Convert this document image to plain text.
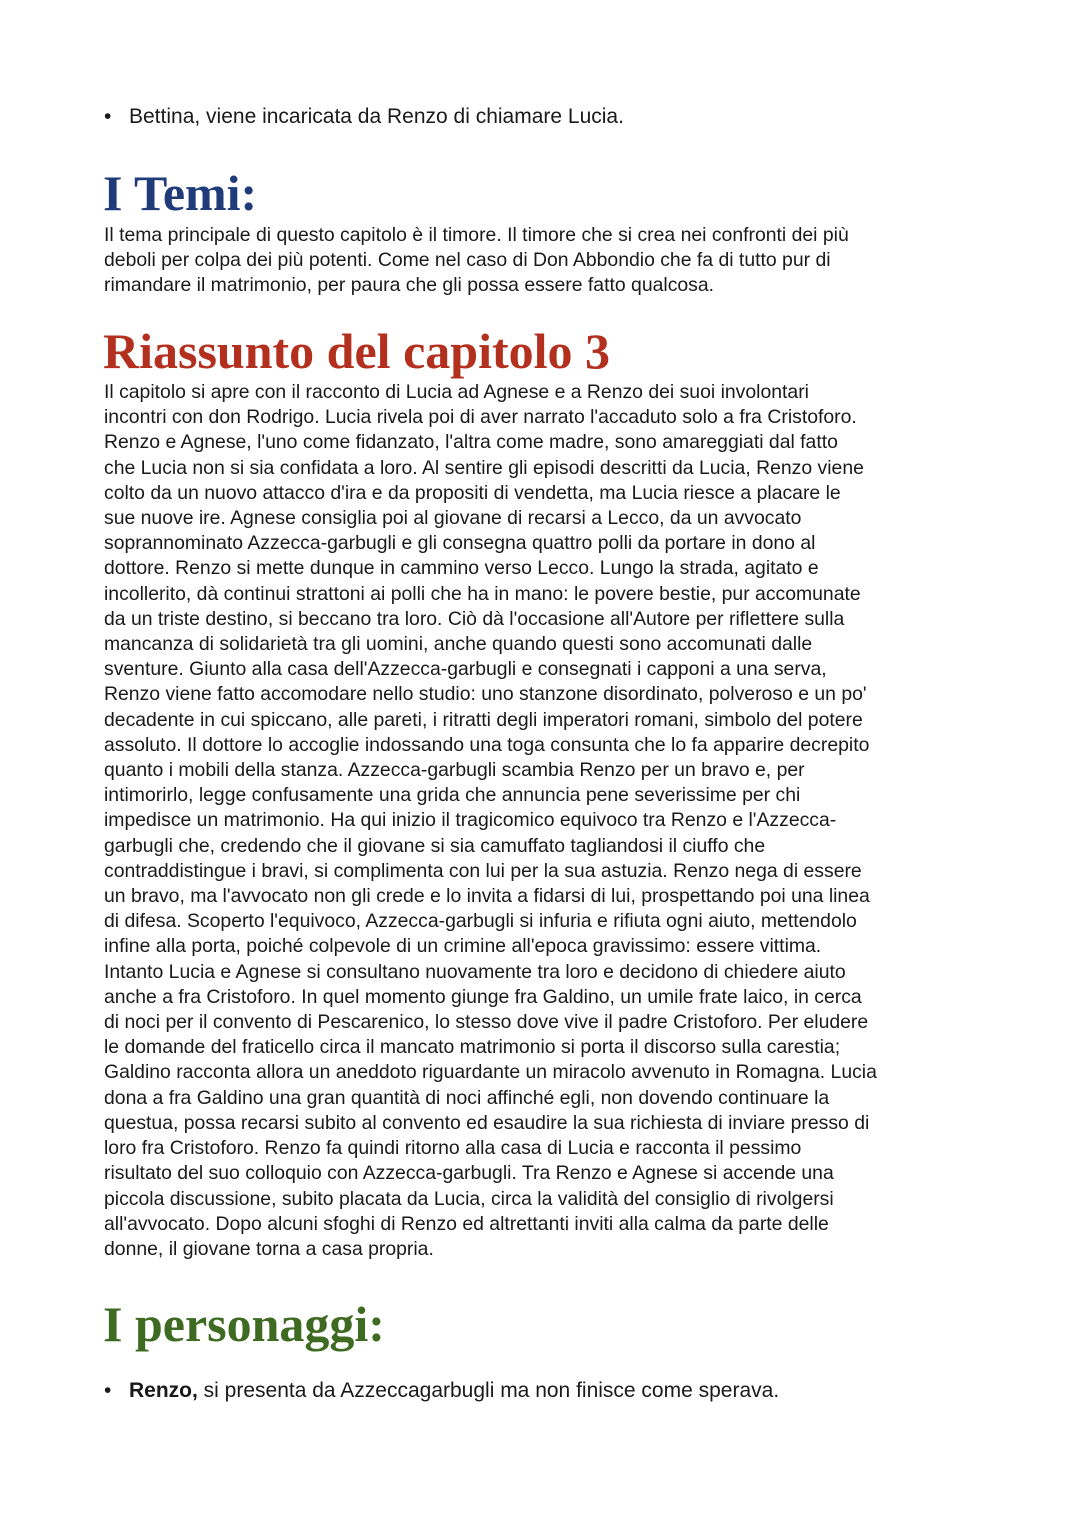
• Bettina, viene incaricata da Renzo di chiamare Lucia.
I Temi:

Il tema principale di questo capitolo è il timore. Il timore che si crea nei confronti dei più
deboli per colpa dei più potenti. Come nel caso di Don Abbondio che fa di tutto pur di
rimandare il matrimonio, per paura che gli possa essere fatto qualcosa.

Riassunto del capitolo 3

Il capitolo si apre con il racconto di Lucia ad Agnese e a Renzo dei suoi involontari
incontri con don Rodrigo. Lucia rivela poi di aver narrato l'accaduto solo a fra Cristoforo.
Renzo e Agnese, l'uno come fidanzato, l'altra come madre, sono amareggiati dal fatto
che Lucia non si sia confidata a loro. Al sentire gli episodi descritti da Lucia, Renzo viene
colto da un nuovo attacco d'ira e da propositi di vendetta, ma Lucia riesce a placare le
sue nuove ire. Agnese consiglia poi al giovane di recarsi a Lecco, da un avvocato
soprannominato Azzecca-garbugli e gli consegna quattro polli da portare in dono al
dottore. Renzo si mette dunque in cammino verso Lecco. Lungo la strada, agitato e
incollerito, dà continui strattoni ai polli che ha in mano: le povere bestie, pur accomunate
da un triste destino, si beccano tra loro. Ciò dà l'occasione all'Autore per riflettere sulla
mancanza di solidarietà tra gli uomini, anche quando questi sono accomunati dalle
sventure. Giunto alla casa dell'Azzecca-garbugli e consegnati i capponi a una serva,
Renzo viene fatto accomodare nello studio: uno stanzone disordinato, polveroso e un po'
decadente in cui spiccano, alle pareti, i ritratti degli imperatori romani, simbolo del potere
assoluto. Il dottore lo accoglie indossando una toga consunta che lo fa apparire decrepito
quanto i mobili della stanza. Azzecca-garbugli scambia Renzo per un bravo e, per
intimorirlo, legge confusamente una grida che annuncia pene severissime per chi
impedisce un matrimonio. Ha qui inizio il tragicomico equivoco tra Renzo e l'Azzecca-
garbugli che, credendo che il giovane si sia camuffato tagliandosi il ciuffo che
contraddistingue i bravi, si complimenta con lui per la sua astuzia. Renzo nega di essere
un bravo, ma l'avvocato non gli crede e lo invita a fidarsi di lui, prospettando poi una linea
di difesa. Scoperto l'equivoco, Azzecca-garbugli si infuria e rifiuta ogni aiuto, mettendolo
infine alla porta, poiché colpevole di un crimine all'epoca gravissimo: essere vittima.
Intanto Lucia e Agnese si consultano nuovamente tra loro e decidono di chiedere aiuto
anche a fra Cristoforo. In quel momento giunge fra Galdino, un umile frate laico, in cerca
di noci per il convento di Pescarenico, lo stesso dove vive il padre Cristoforo. Per eludere
le domande del fraticello circa il mancato matrimonio si porta il discorso sulla carestia;
Galdino racconta allora un aneddoto riguardante un miracolo avvenuto in Romagna. Lucia
dona a fra Galdino una gran quantità di noci affinché egli, non dovendo continuare la
questua, possa recarsi subito al convento ed esaudire la sua richiesta di inviare presso di
loro fra Cristoforo. Renzo fa quindi ritorno alla casa di Lucia e racconta il pessimo
risultato del suo colloquio con Azzecca-garbugli. Tra Renzo e Agnese si accende una
piccola discussione, subito placata da Lucia, circa la validità del consiglio di rivolgersi
all'avvocato. Dopo alcuni sfoghi di Renzo ed altrettanti inviti alla calma da parte delle
donne, il giovane torna a casa propria.

I personaggi:
• Renzo, si presenta da Azzeccagarbugli ma non finisce come sperava.
